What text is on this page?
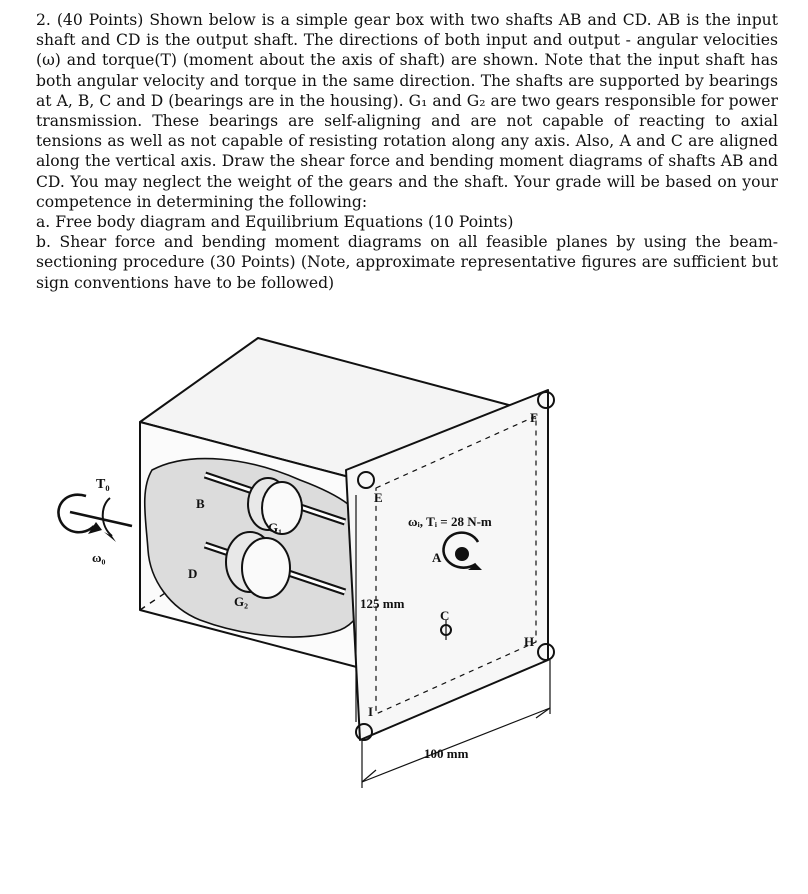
2. (40 Points) Shown below is a simple gear box with two shafts AB and CD. AB is the input shaft and CD is the output shaft. The directions of both input and output - angular velocities (ω) and torque(T) (moment about the axis of shaft) are shown. Note that the input shaft has both angular velocity and torque in the same direction. The shafts are supported by bearings at A, B, C and D (bearings are in the housing). G₁ and G₂ are two gears responsible for power transmission. These bearings are self-aligning and are not capable of reacting to axial tensions as well as not capable of resisting rotation along any axis. Also, A and C are aligned along the vertical axis. Draw the shear force and bending moment diagrams of shafts AB and CD. You may neglect the weight of the gears and the shaft. Your grade will be based on your competence in determining the following:

a. Free body diagram and Equilibrium Equations (10 Points)

b. Shear force and bending moment diagrams on all feasible planes by using the beam-sectioning procedure (30 Points) (Note, approximate representative figures are sufficient but sign conventions have to be followed)

T₀
ω₀
B
D
G₁
G₂
E
F
H
I
A
C
ωᵢ, Tᵢ = 28 N-m
125 mm
100 mm
